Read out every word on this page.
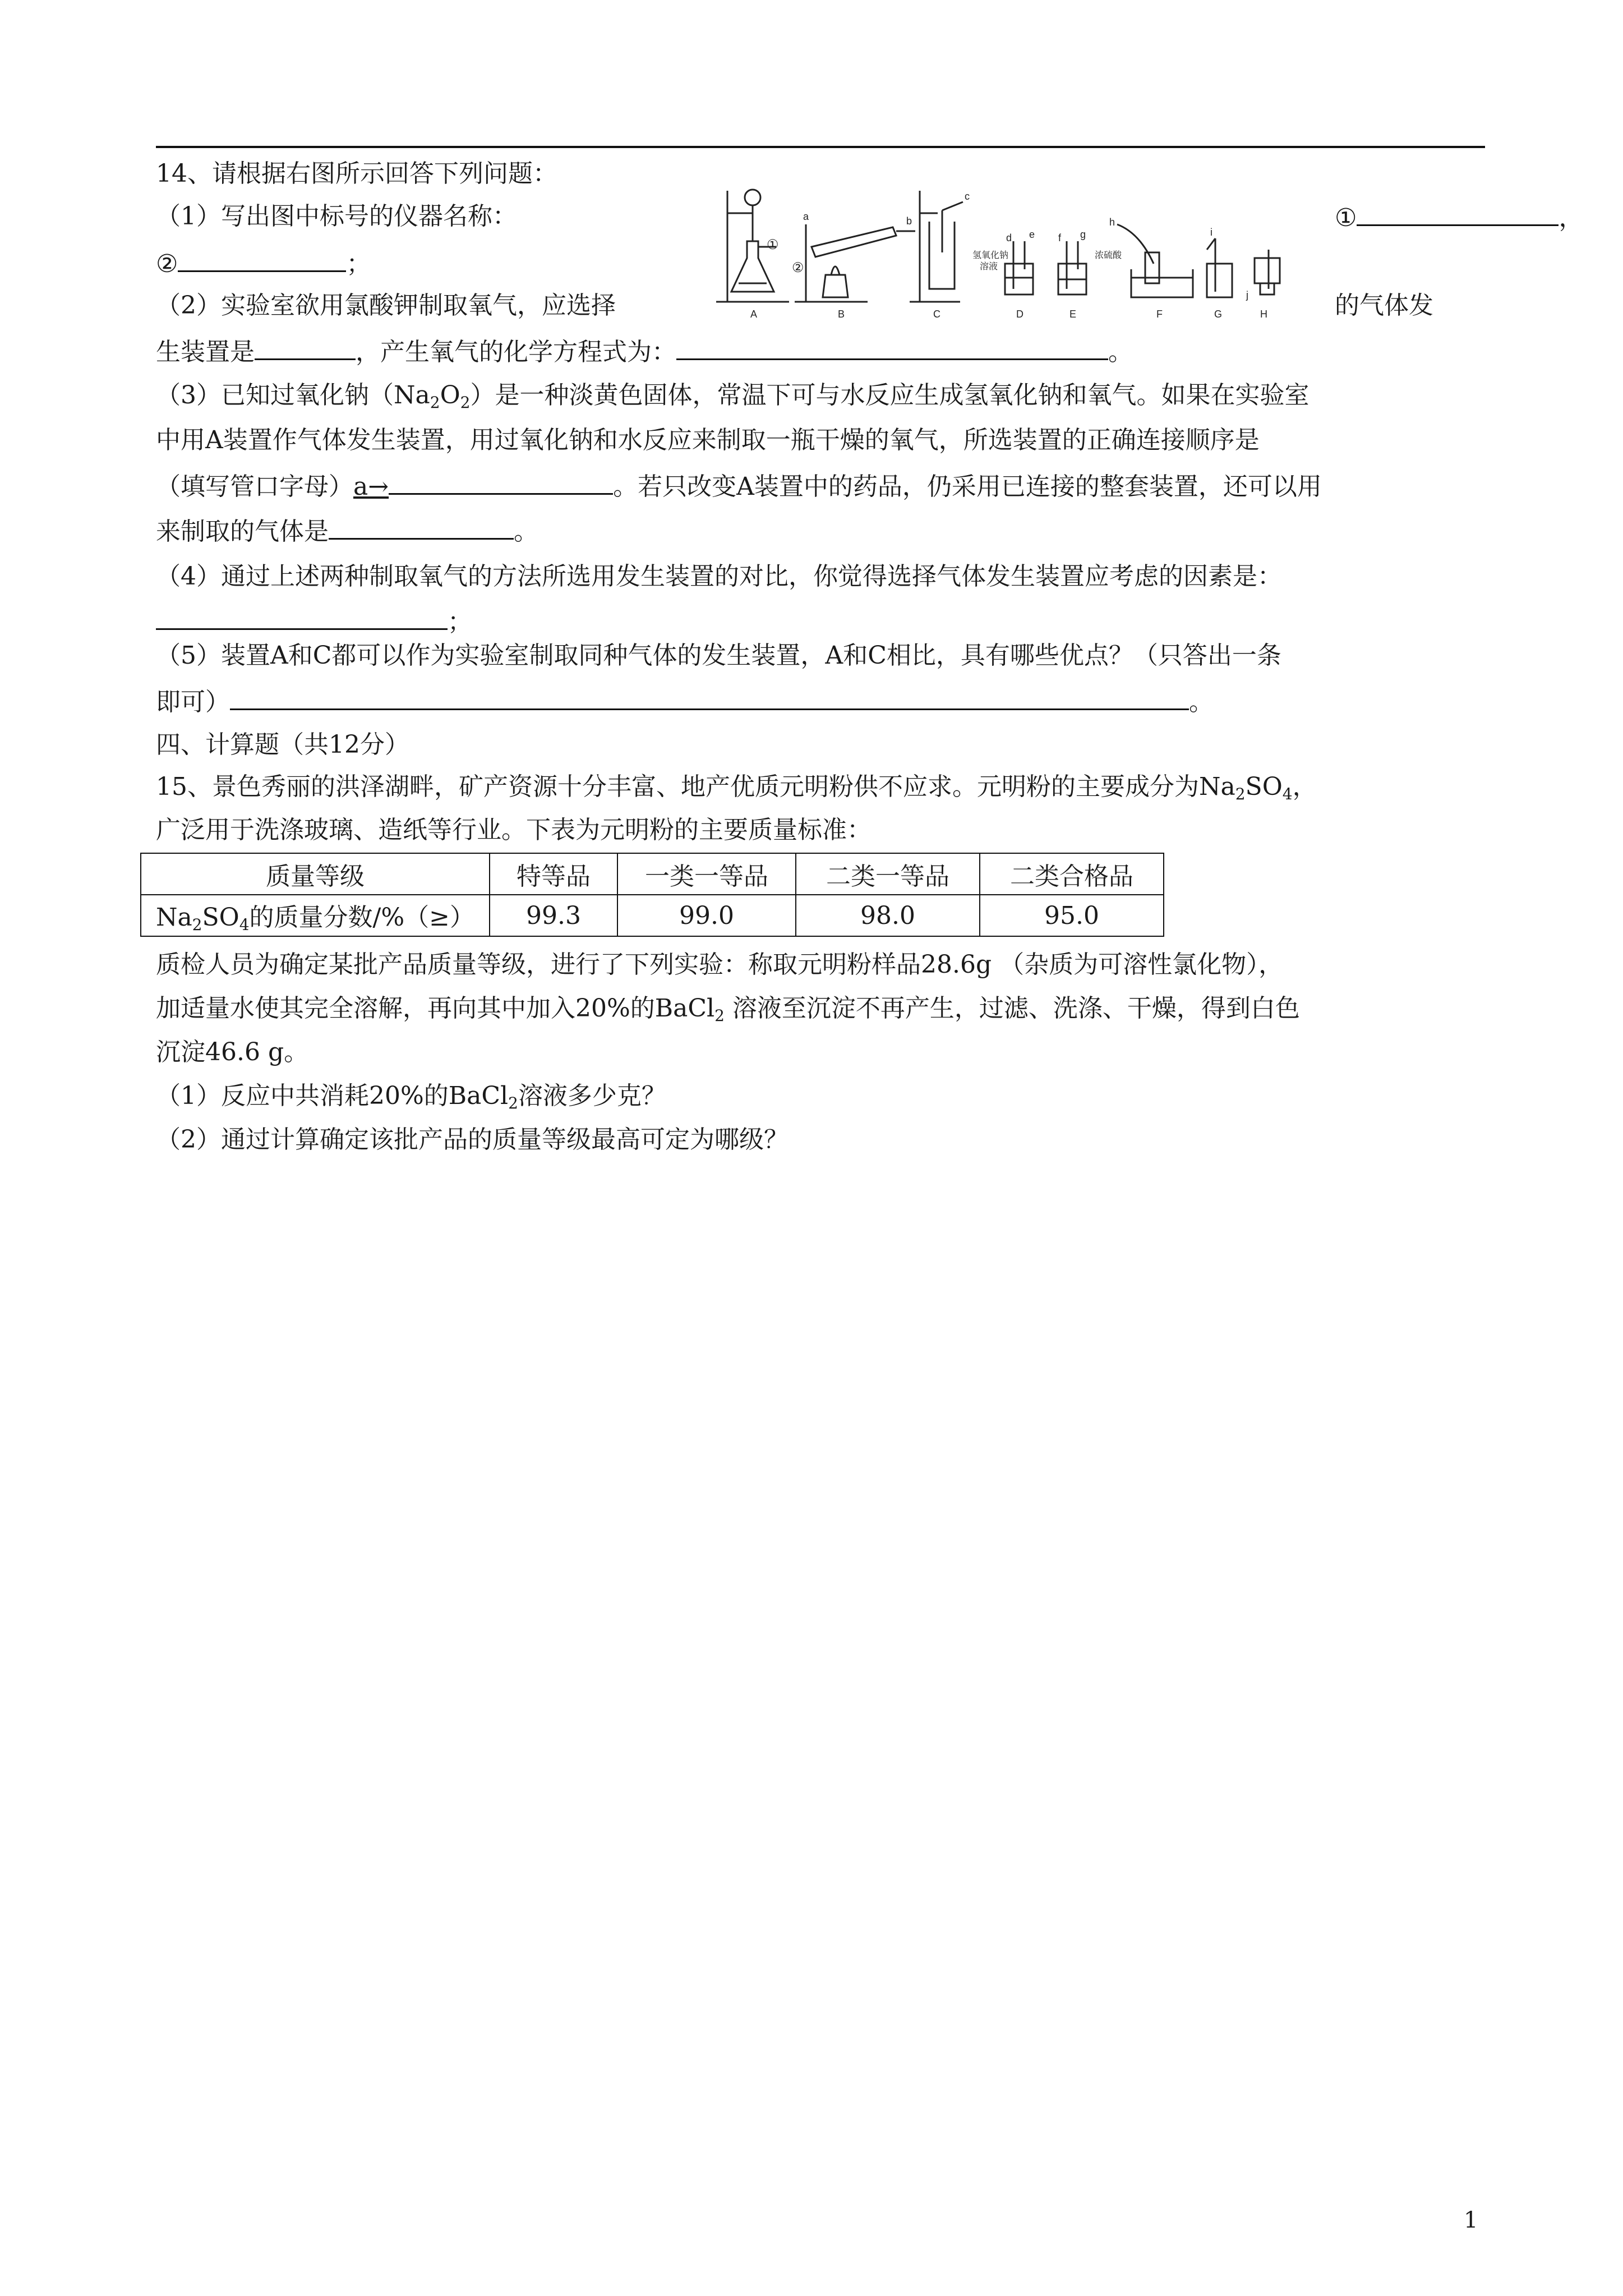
14、请根据右图所示回答下列问题：
（1）写出图中标号的仪器名称：	①	，
②	；
（2）实验室欲用氯酸钾制取氧气，应选择	的气体发
生装置是	，产生氧气的化学方程式为：	。
（3）已知过氧化钠$(Na_2O_2)$是一种淡黄色固体，常温下可与水反应生成氢氧化钠和氧气。如果在实验室
中用A装置作气体发生装置，用过氧化钠和水反应来制取一瓶干燥的氧气，所选装置的正确连接顺序是
（填写管口字母）a→	。若只改变A装置中的药品，仍采用已连接的整套装置，还可以用
来制取的气体是	。
（4）通过上述两种制取氧气的方法所选用发生装置的对比，你觉得选择气体发生装置应考虑的因素是：
；
（5）装置A和C都可以作为实验室制取同种气体的发生装置，A和C相比，具有哪些优点？（只答出一条
即可）	。
A	B	C	D	E	F	G	H
a	b
c
d e f g
h
i
j
①
②
氢氧化钠
溶液
浓硫酸
四、计算题（共12分）
15、景色秀丽的洪泽湖畔，矿产资源十分丰富、地产优质元明粉供不应求。元明粉的主要成分为$Na_2SO_4$，
广泛用于洗涤玻璃、造纸等行业。下表为元明粉的主要质量标准：
质量等级	特等品	一类一等品	二类一等品	二类合格品
$Na_2SO_4$的质量分数/%（≥）	99.3	99.0	98.0	95.0
质检人员为确定某批产品质量等级，进行了下列实验：称取元明粉样品28.6g （杂质为可溶性氯化物），
加适量水使其完全溶解，再向其中加入20%的BaCl$_2$ 溶液至沉淀不再产生，过滤、洗涤、干燥，得到白色
沉淀46.6 g。
（1）反应中共消耗20%的BaCl$_2$溶液多少克？
（2）通过计算确定该批产品的质量等级最高可定为哪级？
1
